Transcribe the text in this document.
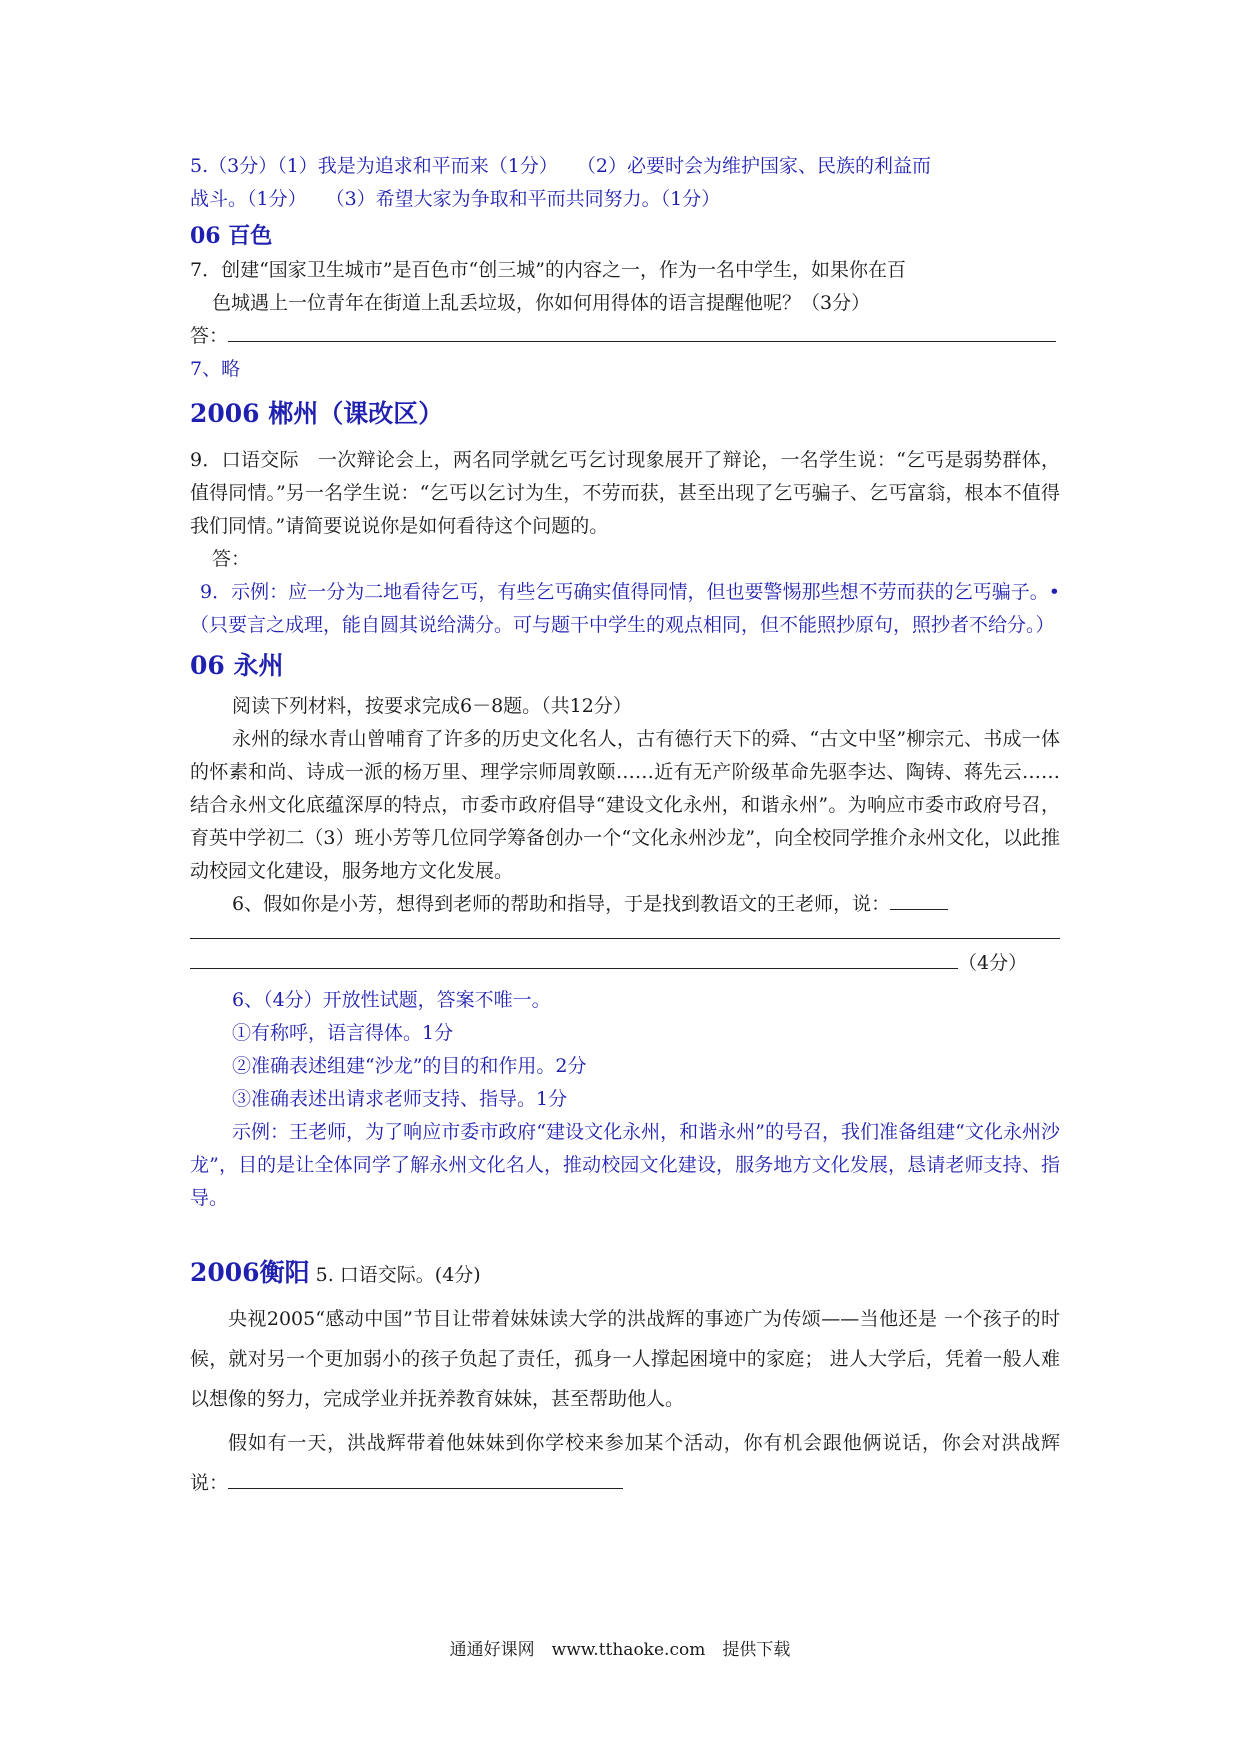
5.（3分）（1）我是为追求和平而来（1分）　　（2）必要时会为维护国家、民族的利益而
战斗。（1分）　　（3）希望大家为争取和平而共同努力。（1分）
06 百色
7．创建“国家卫生城市”是百色市“创三城”的内容之一，作为一名中学生，如果你在百
色城遇上一位青年在街道上乱丢垃圾，你如何用得体的语言提醒他呢？（3分）
答：
7、略
2006 郴州（课改区）
9．口语交际　一次辩论会上，两名同学就乞丐乞讨现象展开了辩论，一名学生说：“乞丐是弱势群体，值得同情。”另一名学生说：“乞丐以乞讨为生，不劳而获，甚至出现了乞丐骗子、乞丐富翁，根本不值得我们同情。”请简要说说你是如何看待这个问题的。
答：
9．示例：应一分为二地看待乞丐，有些乞丐确实值得同情，但也要警惕那些想不劳而获的乞丐骗子。•（只要言之成理，能自圆其说给满分。可与题干中学生的观点相同，但不能照抄原句，照抄者不给分。）
06 永州
阅读下列材料，按要求完成6－8题。（共12分）
永州的绿水青山曾哺育了许多的历史文化名人，古有德行天下的舜、“古文中坚”柳宗元、书成一体的怀素和尚、诗成一派的杨万里、理学宗师周敦颐……近有无产阶级革命先驱李达、陶铸、蒋先云……结合永州文化底蕴深厚的特点，市委市政府倡导“建设文化永州，和谐永州”。为响应市委市政府号召，育英中学初二（3）班小芳等几位同学筹备创办一个“文化永州沙龙”，向全校同学推介永州文化，以此推动校园文化建设，服务地方文化发展。
6、假如你是小芳，想得到老师的帮助和指导，于是找到教语文的王老师，说：
（4分）
6、（4分）开放性试题，答案不唯一。
①有称呼，语言得体。1分
②准确表述组建“沙龙”的目的和作用。2分
③准确表述出请求老师支持、指导。1分
示例：王老师，为了响应市委市政府“建设文化永州，和谐永州”的号召，我们准备组建“文化永州沙龙”，目的是让全体同学了解永州文化名人，推动校园文化建设，服务地方文化发展，恳请老师支持、指导。
2006衡阳 5. 口语交际。(4分)
央视2005“感动中国”节目让带着妹妹读大学的洪战辉的事迹广为传颂——当他还是 一个孩子的时候，就对另一个更加弱小的孩子负起了责任，孤身一人撑起困境中的家庭； 进人大学后，凭着一般人难以想像的努力，完成学业并抚养教育妹妹，甚至帮助他人。
假如有一天，洪战辉带着他妹妹到你学校来参加某个活动，你有机会跟他俩说话，你会对洪战辉说：
通通好课网　www.tthaoke.com　提供下载
